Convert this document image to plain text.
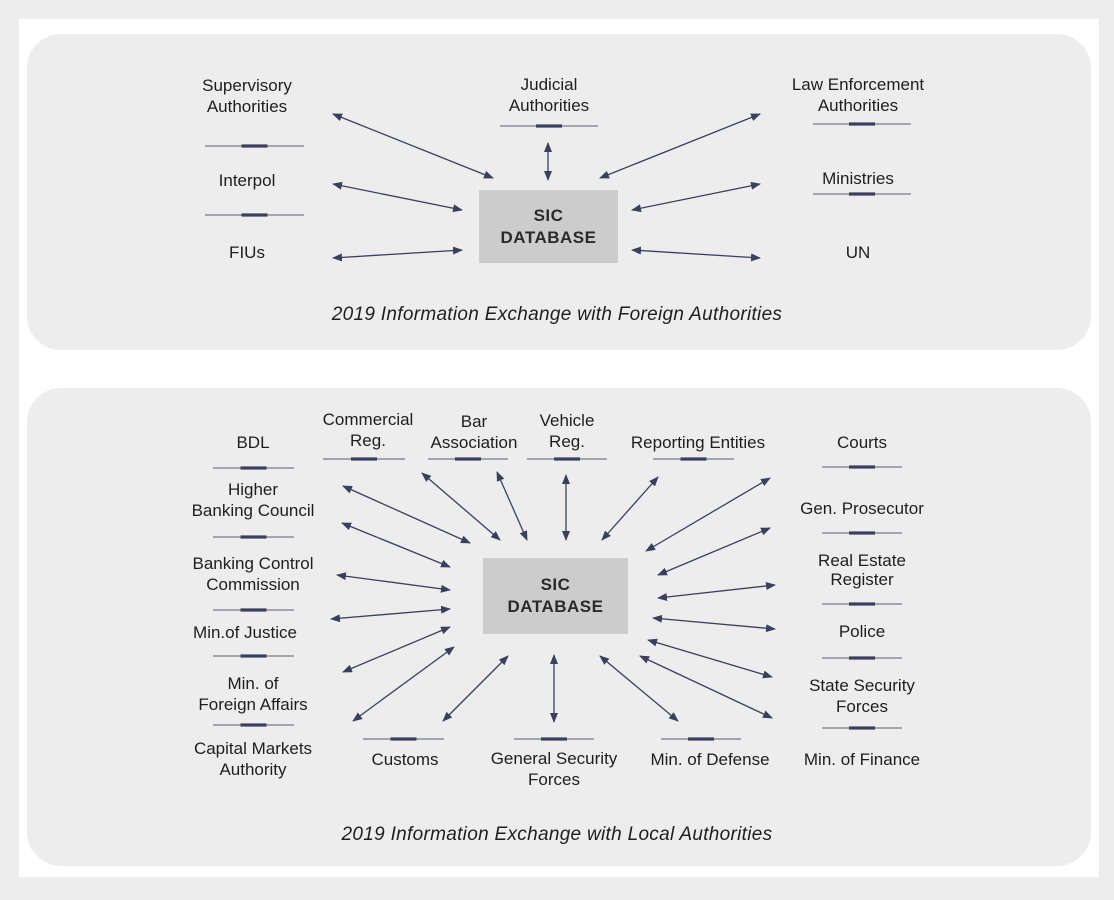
SIC
DATABASE
SIC
DATABASE
Supervisory
Authorities
Judicial
Authorities
Law Enforcement
Authorities
Interpol	Ministries
FIUs	UN
2019 Information Exchange with Foreign Authorities
BDL
Commercial
Reg.
Bar
Association
Vehicle
Reg.	Reporting Entities	Courts
Higher
Banking Council	Gen. Prosecutor
Banking Control
Commission
Real Estate
Register
Min.of Justice	Police
Min. of
Foreign Affairs
State Security
Forces
Capital Markets
Authority
Customs	General Security
Forces
Min. of Defense Min. of Finance
2019 Information Exchange with Local Authorities
